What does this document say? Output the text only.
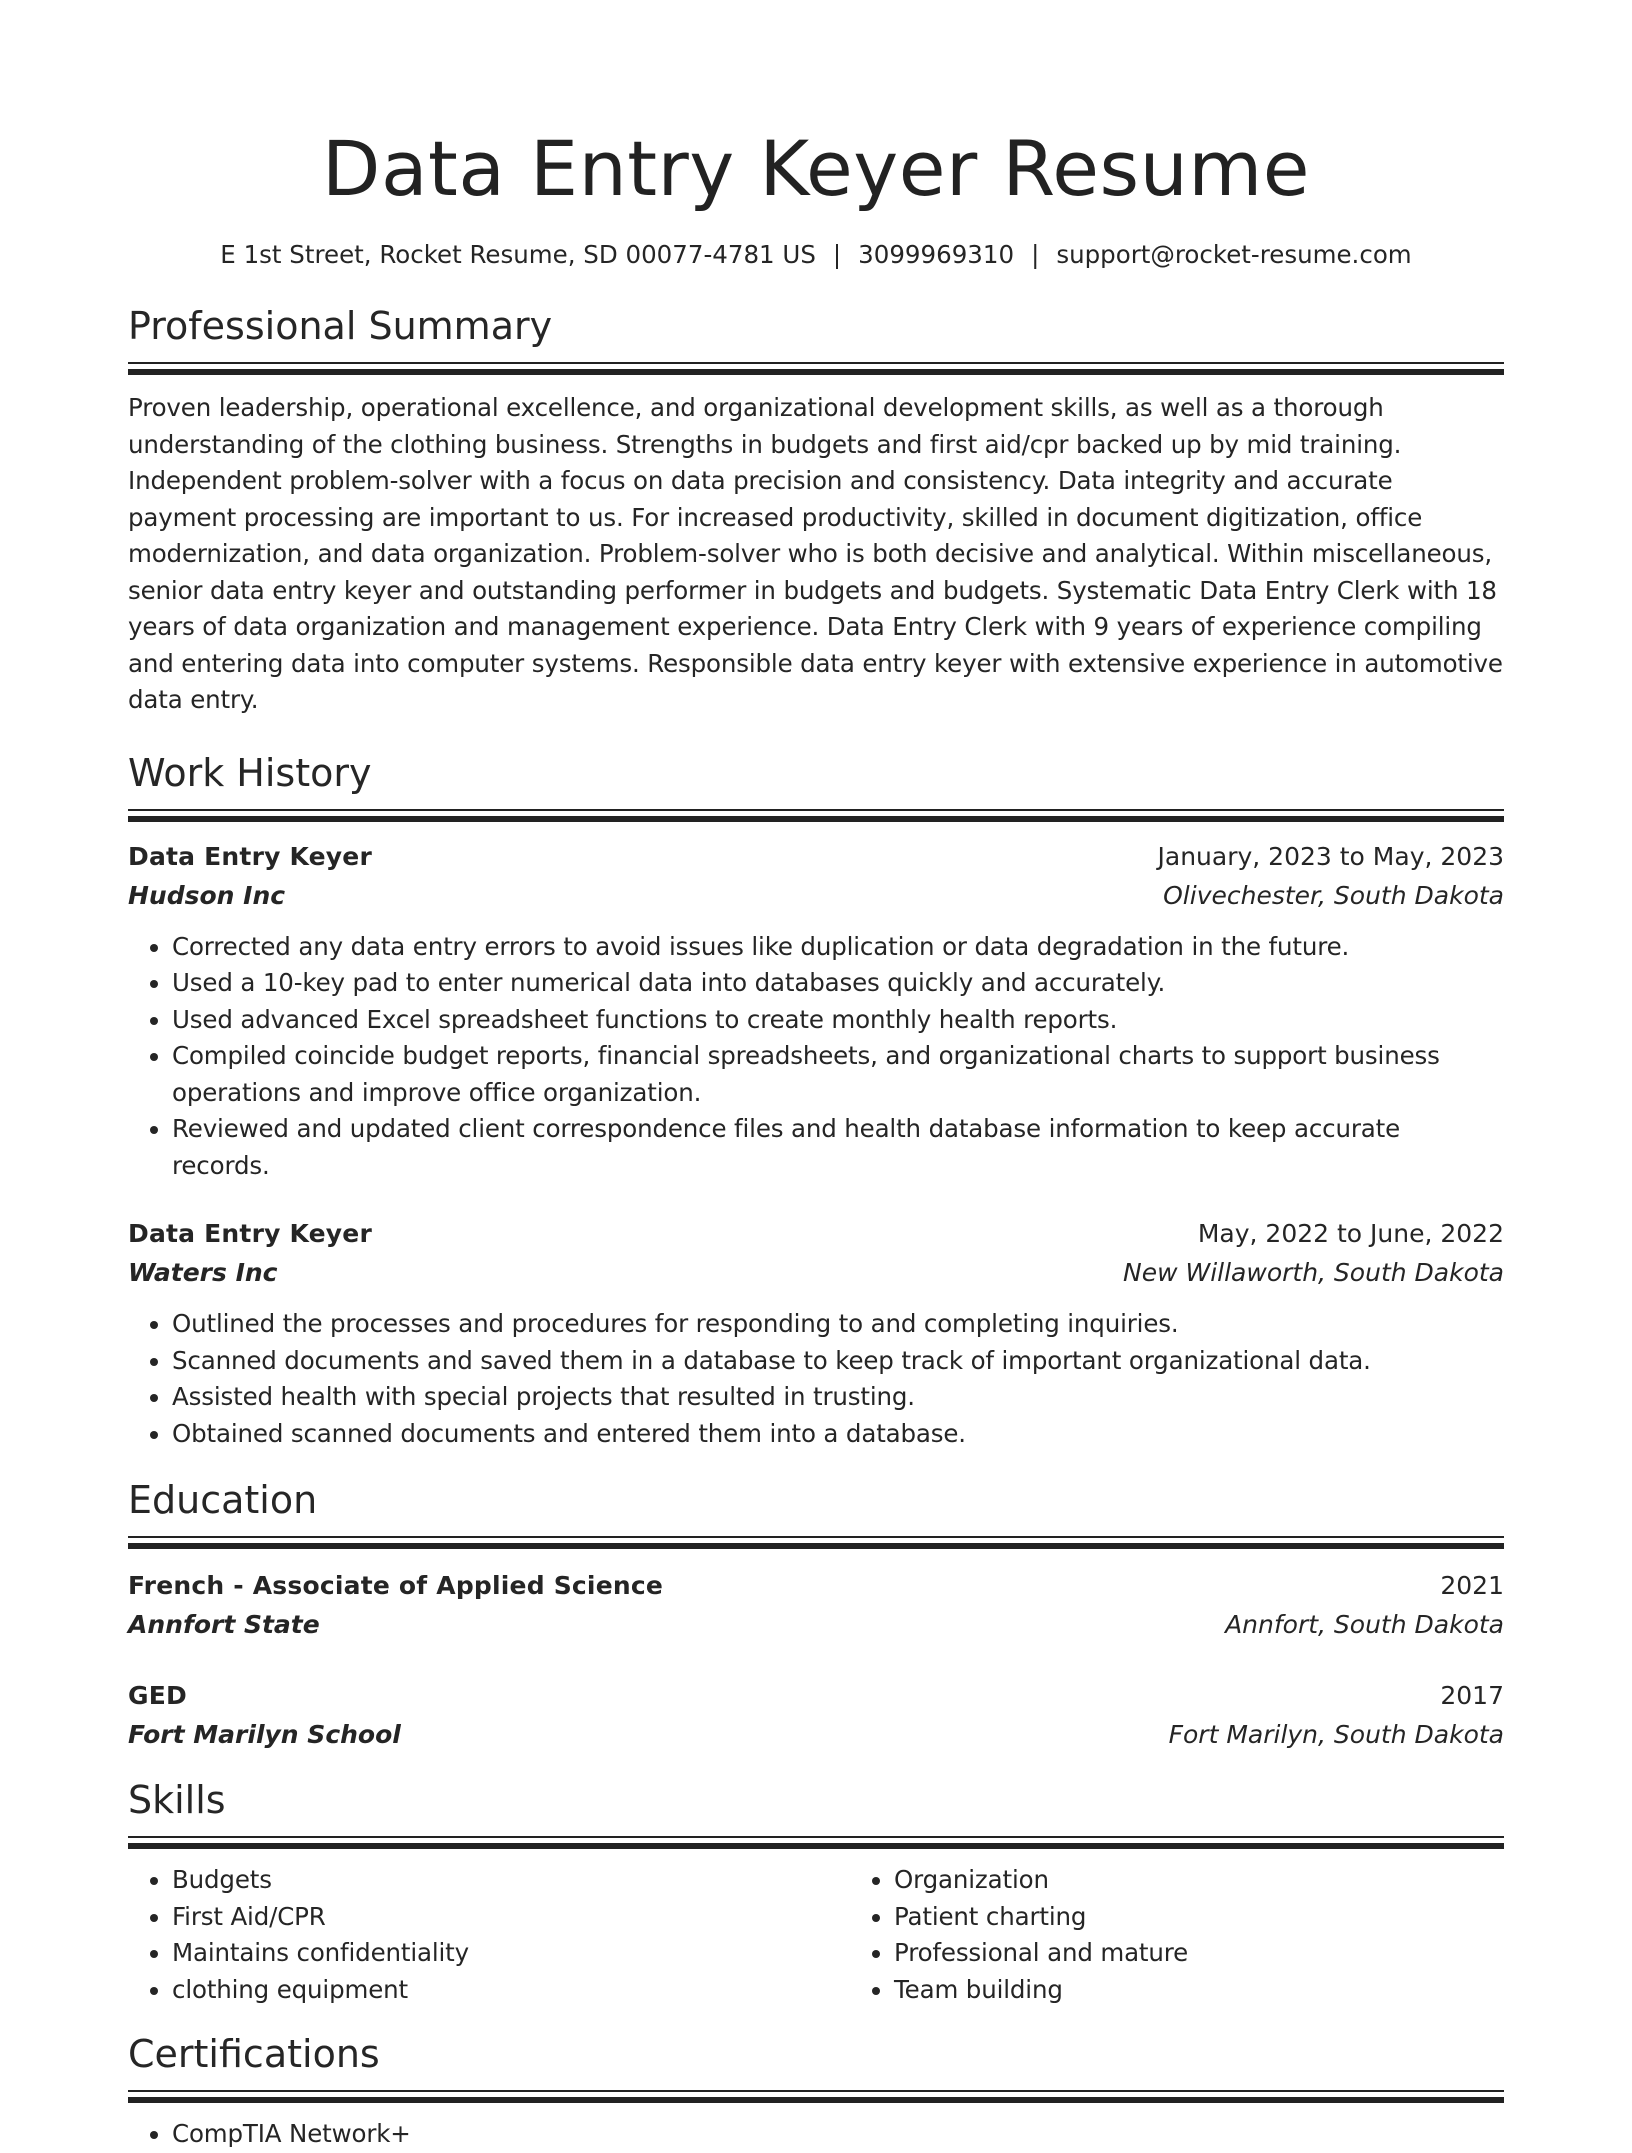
Data Entry Keyer Resume
E 1st Street, Rocket Resume, SD 00077-4781 US | 3099969310 | support@rocket-resume.com
Professional Summary
Proven leadership, operational excellence, and organizational development skills, as well as a thorough understanding of the clothing business. Strengths in budgets and first aid/cpr backed up by mid training. Independent problem-solver with a focus on data precision and consistency. Data integrity and accurate payment processing are important to us. For increased productivity, skilled in document digitization, office modernization, and data organization. Problem-solver who is both decisive and analytical. Within miscellaneous, senior data entry keyer and outstanding performer in budgets and budgets. Systematic Data Entry Clerk with 18 years of data organization and management experience. Data Entry Clerk with 9 years of experience compiling and entering data into computer systems. Responsible data entry keyer with extensive experience in automotive data entry.
Work History
Data Entry Keyer	January, 2023 to May, 2023
Hudson Inc	Olivechester, South Dakota
• Corrected any data entry errors to avoid issues like duplication or data degradation in the future.
• Used a 10-key pad to enter numerical data into databases quickly and accurately.
• Used advanced Excel spreadsheet functions to create monthly health reports.
• Compiled coincide budget reports, financial spreadsheets, and organizational charts to support business operations and improve office organization.
• Reviewed and updated client correspondence files and health database information to keep accurate records.
Data Entry Keyer	May, 2022 to June, 2022
Waters Inc	New Willaworth, South Dakota
• Outlined the processes and procedures for responding to and completing inquiries.
• Scanned documents and saved them in a database to keep track of important organizational data.
• Assisted health with special projects that resulted in trusting.
• Obtained scanned documents and entered them into a database.
Education
French - Associate of Applied Science	2021
Annfort State	Annfort, South Dakota
GED	2017
Fort Marilyn School	Fort Marilyn, South Dakota
Skills
• Budgets
• First Aid/CPR
• Maintains confidentiality
• clothing equipment
• Organization
• Patient charting
• Professional and mature
• Team building
Certifications
• CompTIA Network+
